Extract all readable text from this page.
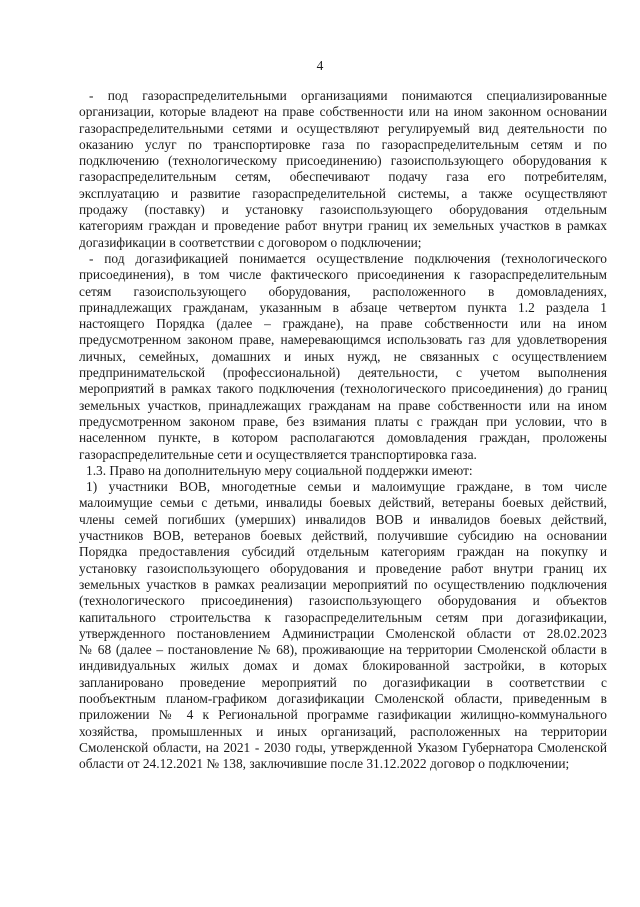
4
- под газораспределительными организациями понимаются специализированные
организации, которые владеют на праве собственности или на ином законном основании
газораспределительными сетями и осуществляют регулируемый вид деятельности по
оказанию услуг по транспортировке газа по газораспределительным сетям и по
подключению (технологическому присоединению) газоиспользующего оборудования к
газораспределительным сетям, обеспечивают подачу газа его потребителям,
эксплуатацию и развитие газораспределительной системы, а также осуществляют
продажу (поставку) и установку газоиспользующего оборудования отдельным
категориям граждан и проведение работ внутри границ их земельных участков в рамках
догазификации в соответствии с договором о подключении;
- под догазификацией понимается осуществление подключения (технологического
присоединения), в том числе фактического присоединения к газораспределительным
сетям газоиспользующего оборудования, расположенного в домовладениях,
принадлежащих гражданам, указанным в абзаце четвертом пункта 1.2 раздела 1
настоящего Порядка (далее – граждане), на праве собственности или на ином
предусмотренном законом праве, намеревающимся использовать газ для удовлетворения
личных, семейных, домашних и иных нужд, не связанных с осуществлением
предпринимательской (профессиональной) деятельности, с учетом выполнения
мероприятий в рамках такого подключения (технологического присоединения) до границ
земельных участков, принадлежащих гражданам на праве собственности или на ином
предусмотренном законом праве, без взимания платы с граждан при условии, что в
населенном пункте, в котором располагаются домовладения граждан, проложены
газораспределительные сети и осуществляется транспортировка газа.
1.3. Право на дополнительную меру социальной поддержки имеют:
1) участники ВОВ, многодетные семьи и малоимущие граждане, в том числе
малоимущие семьи с детьми, инвалиды боевых действий, ветераны боевых действий,
члены семей погибших (умерших) инвалидов ВОВ и инвалидов боевых действий,
участников ВОВ, ветеранов боевых действий, получившие субсидию на основании
Порядка предоставления субсидий отдельным категориям граждан на покупку и
установку газоиспользующего оборудования и проведение работ внутри границ их
земельных участков в рамках реализации мероприятий по осуществлению подключения
(технологического присоединения) газоиспользующего оборудования и объектов
капитального строительства к газораспределительным сетям при догазификации,
утвержденного постановлением Администрации Смоленской области от 28.02.2023
№ 68 (далее – постановление № 68), проживающие на территории Смоленской области в
индивидуальных жилых домах и домах блокированной застройки, в которых
запланировано проведение мероприятий по догазификации в соответствии с
пообъектным планом-графиком догазификации Смоленской области, приведенным в
приложении № 4 к Региональной программе газификации жилищно-коммунального
хозяйства, промышленных и иных организаций, расположенных на территории
Смоленской области, на 2021 - 2030 годы, утвержденной Указом Губернатора Смоленской
области от 24.12.2021 № 138, заключившие после 31.12.2022 договор о подключении;
